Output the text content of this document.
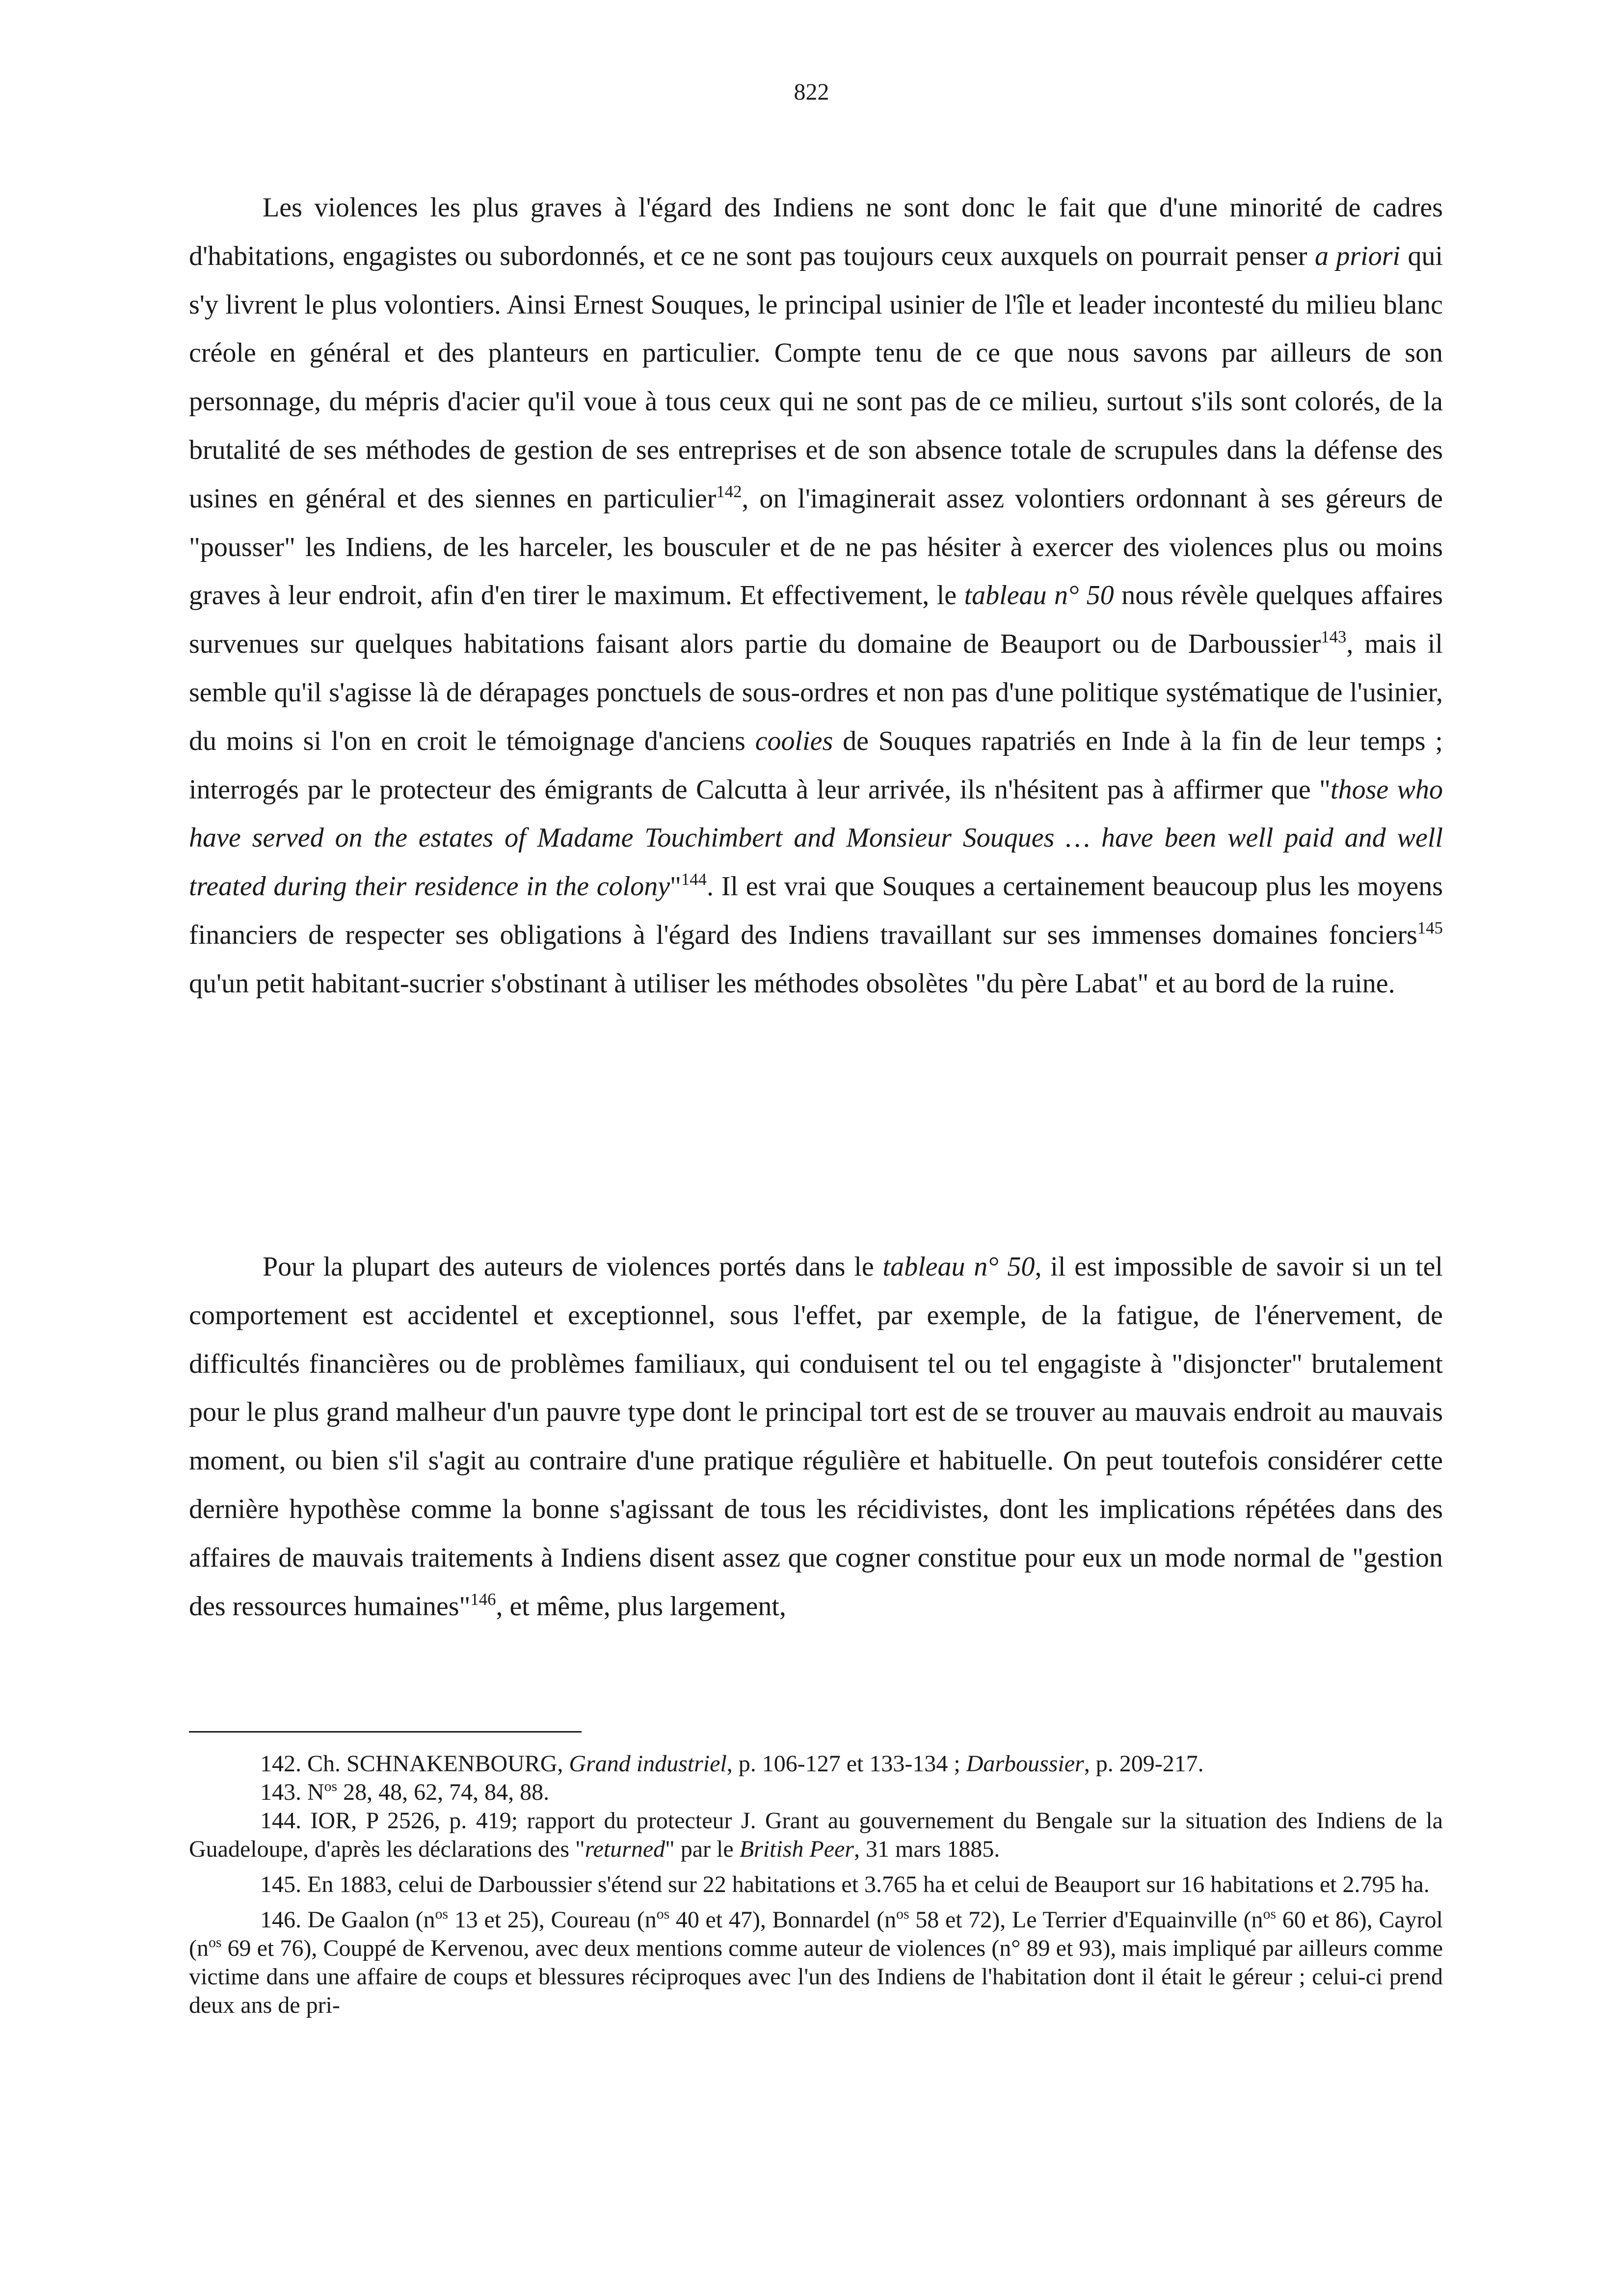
822
Les violences les plus graves à l'égard des Indiens ne sont donc le fait que d'une minorité de cadres d'habitations, engagistes ou subordonnés, et ce ne sont pas toujours ceux auxquels on pourrait penser a priori qui s'y livrent le plus volontiers. Ainsi Ernest Souques, le principal usinier de l'île et leader incontesté du milieu blanc créole en général et des planteurs en particulier. Compte tenu de ce que nous savons par ailleurs de son personnage, du mépris d'acier qu'il voue à tous ceux qui ne sont pas de ce milieu, surtout s'ils sont colorés, de la brutalité de ses méthodes de gestion de ses entreprises et de son absence totale de scrupules dans la défense des usines en général et des siennes en particulier$^{142}$, on l'imaginerait assez volontiers ordonnant à ses géreurs de "pousser" les Indiens, de les harceler, les bousculer et de ne pas hésiter à exercer des violences plus ou moins graves à leur endroit, afin d'en tirer le maximum. Et effectivement, le tableau n° 50 nous révèle quelques affaires survenues sur quelques habitations faisant alors partie du domaine de Beauport ou de Darboussier$^{143}$, mais il semble qu'il s'agisse là de dérapages ponctuels de sous-ordres et non pas d'une politique systématique de l'usinier, du moins si l'on en croit le témoignage d'anciens coolies de Souques rapatriés en Inde à la fin de leur temps ; interrogés par le protecteur des émigrants de Calcutta à leur arrivée, ils n'hésitent pas à affirmer que "those who have served on the estates of Madame Touchimbert and Monsieur Souques … have been well paid and well treated during their residence in the colony"$^{144}$. Il est vrai que Souques a certainement beaucoup plus les moyens financiers de respecter ses obligations à l'égard des Indiens travaillant sur ses immenses domaines fonciers$^{145}$ qu'un petit habitant-sucrier s'obstinant à utiliser les méthodes obsolètes "du père Labat" et au bord de la ruine.
Pour la plupart des auteurs de violences portés dans le tableau n° 50, il est impossible de savoir si un tel comportement est accidentel et exceptionnel, sous l'effet, par exemple, de la fatigue, de l'énervement, de difficultés financières ou de problèmes familiaux, qui conduisent tel ou tel engagiste à "disjoncter" brutalement pour le plus grand malheur d'un pauvre type dont le principal tort est de se trouver au mauvais endroit au mauvais moment, ou bien s'il s'agit au contraire d'une pratique régulière et habituelle. On peut toutefois considérer cette dernière hypothèse comme la bonne s'agissant de tous les récidivistes, dont les implications répétées dans des affaires de mauvais traitements à Indiens disent assez que cogner constitue pour eux un mode normal de "gestion des ressources humaines"$^{146}$, et même, plus largement,

142. Ch. SCHNAKENBOURG, Grand industriel, p. 106-127 et 133-134 ; Darboussier, p. 209-217.

143. $N^{os}$ 28, 48, 62, 74, 84, 88.

144. IOR, P 2526, p. 419; rapport du protecteur J. Grant au gouvernement du Bengale sur la situation des Indiens de la Guadeloupe, d'après les déclarations des "returned" par le British Peer, 31 mars 1885.

145. En 1883, celui de Darboussier s'étend sur 22 habitations et 3.765 ha et celui de Beauport sur 16 habitations et 2.795 ha.

146. De Gaalon ($n^{os}$ 13 et 25), Coureau ($n^{os}$ 40 et 47), Bonnardel ($n^{os}$ 58 et 72), Le Terrier d'Equainville ($n^{os}$ 60 et 86), Cayrol ($n^{os}$ 69 et 76), Couppé de Kervenou, avec deux mentions comme auteur de violences (n° 89 et 93), mais impliqué par ailleurs comme victime dans une affaire de coups et blessures réciproques avec l'un des Indiens de l'habitation dont il était le géreur ; celui-ci prend deux ans de pri-
